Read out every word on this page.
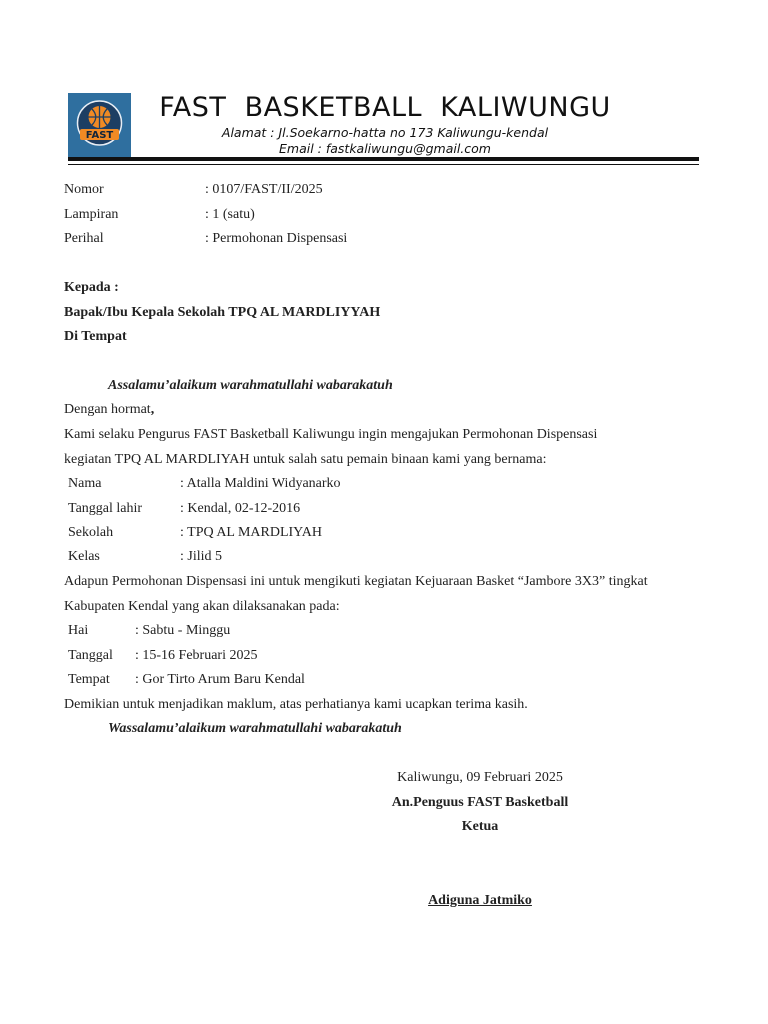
FAST
FAST  BASKETBALL  KALIWUNGU
Alamat : Jl.Soekarno-hatta no 173 Kaliwungu-kendal
Email : fastkaliwungu@gmail.com
Nomor	: 0107/FAST/II/2025
Lampiran	: 1 (satu)
Perihal	: Permohonan Dispensasi
Kepada :
Bapak/Ibu Kepala Sekolah TPQ AL MARDLIYYAH
Di Tempat
Assalamu’alaikum warahmatullahi wabarakatuh
Dengan hormat,
Kami selaku Pengurus FAST Basketball Kaliwungu ingin mengajukan Permohonan Dispensasi
kegiatan TPQ AL MARDLIYAH untuk salah satu pemain binaan kami yang bernama:
Nama	: Atalla Maldini Widyanarko
Tanggal lahir	: Kendal, 02-12-2016
Sekolah	: TPQ AL MARDLIYAH
Kelas	: Jilid 5
Adapun Permohonan Dispensasi ini untuk mengikuti kegiatan Kejuaraan Basket “Jambore 3X3” tingkat
Kabupaten Kendal yang akan dilaksanakan pada:
Hai	: Sabtu - Minggu
Tanggal : 15-16 Februari 2025
Tempat : Gor Tirto Arum Baru Kendal
Demikian untuk menjadikan maklum, atas perhatianya kami ucapkan terima kasih.
Wassalamu’alaikum warahmatullahi wabarakatuh
Kaliwungu, 09 Februari 2025
An.Penguus FAST Basketball
Ketua
Adiguna Jatmiko
